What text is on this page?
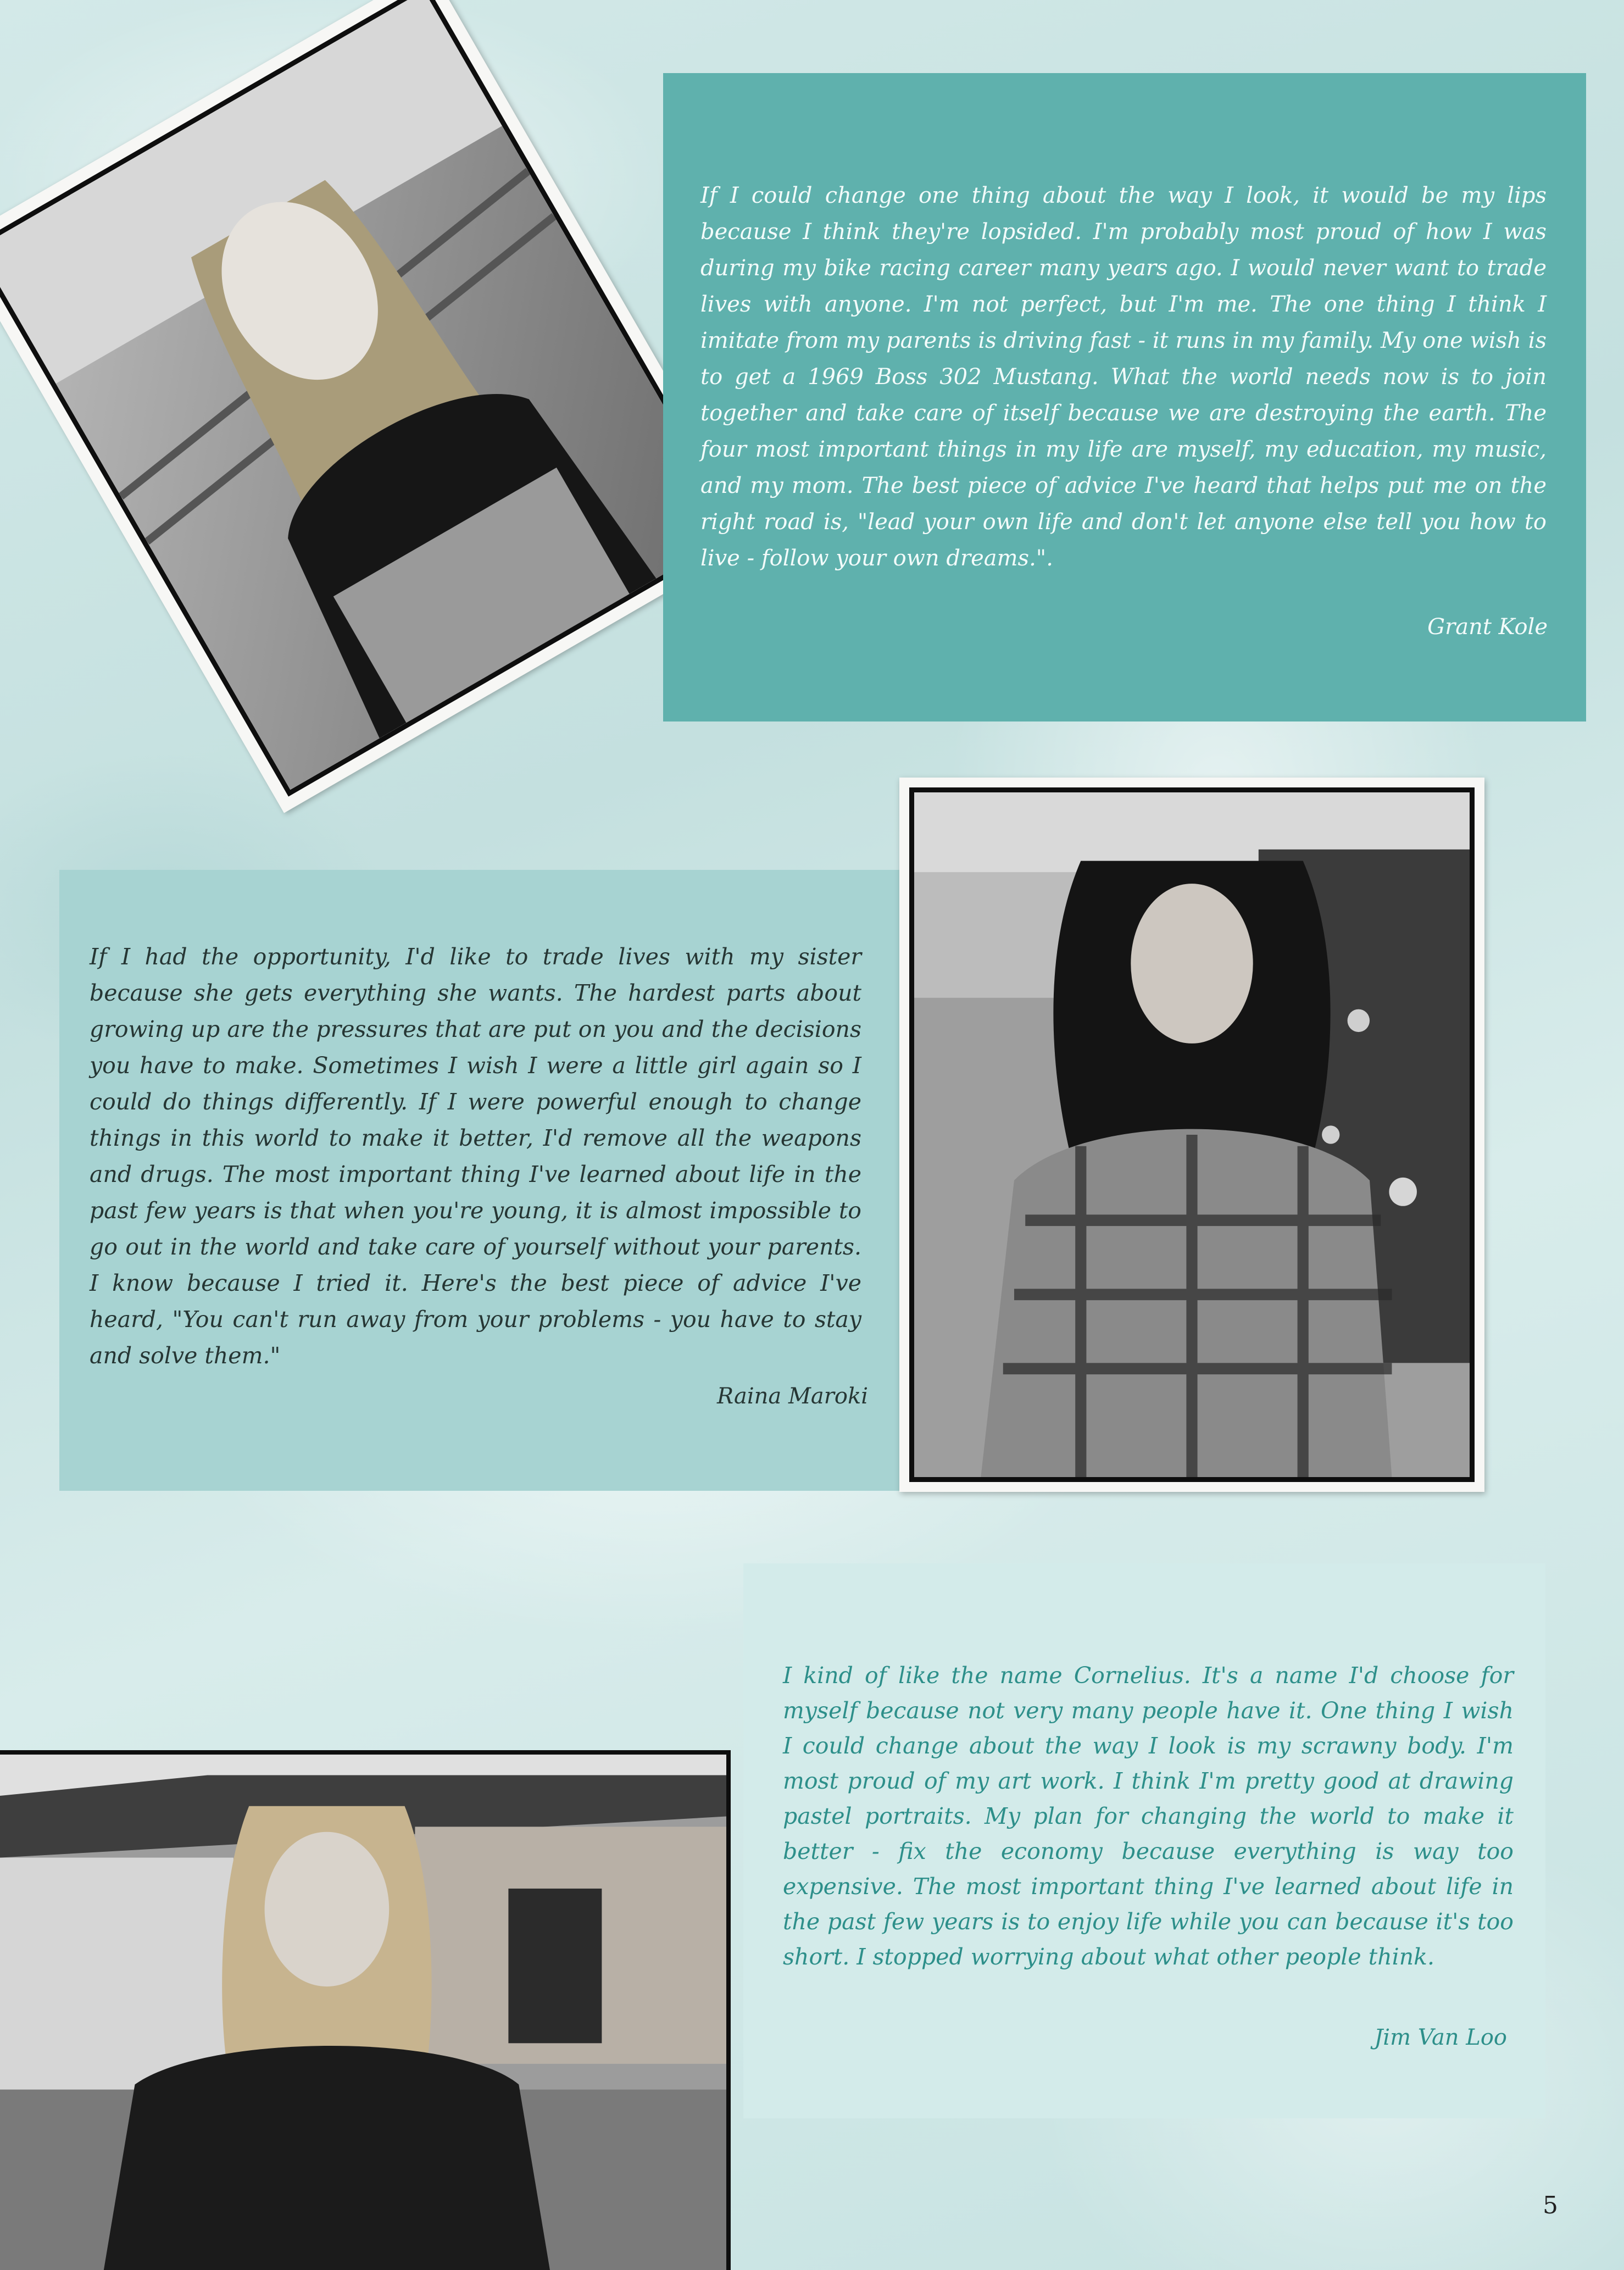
If I could change one thing about the way I look, it would be my lips because I think they're lopsided. I'm probably most proud of how I was during my bike racing career many years ago. I would never want to trade lives with anyone. I'm not perfect, but I'm me. The one thing I think I imitate from my parents is driving fast - it runs in my family. My one wish is to get a 1969 Boss 302 Mustang. What the world needs now is to join together and take care of itself because we are destroying the earth. The four most important things in my life are myself, my education, my music, and my mom. The best piece of advice I've heard that helps put me on the right road is, "lead your own life and don't let anyone else tell you how to live - follow your own dreams.".

Grant Kole

If I had the opportunity, I'd like to trade lives with my sister because she gets everything she wants. The hardest parts about growing up are the pressures that are put on you and the decisions you have to make. Sometimes I wish I were a little girl again so I could do things differently. If I were powerful enough to change things in this world to make it better, I'd remove all the weapons and drugs. The most important thing I've learned about life in the past few years is that when you're young, it is almost impossible to go out in the world and take care of yourself without your parents. I know because I tried it. Here's the best piece of advice I've heard, "You can't run away from your problems - you have to stay and solve them."

Raina Maroki

I kind of like the name Cornelius. It's a name I'd choose for myself because not very many people have it. One thing I wish I could change about the way I look is my scrawny body. I'm most proud of my art work. I think I'm pretty good at drawing pastel portraits. My plan for changing the world to make it better - fix the economy because everything is way too expensive. The most important thing I've learned about life in the past few years is to enjoy life while you can because it's too short. I stopped worrying about what other people think.

Jim Van Loo

5
